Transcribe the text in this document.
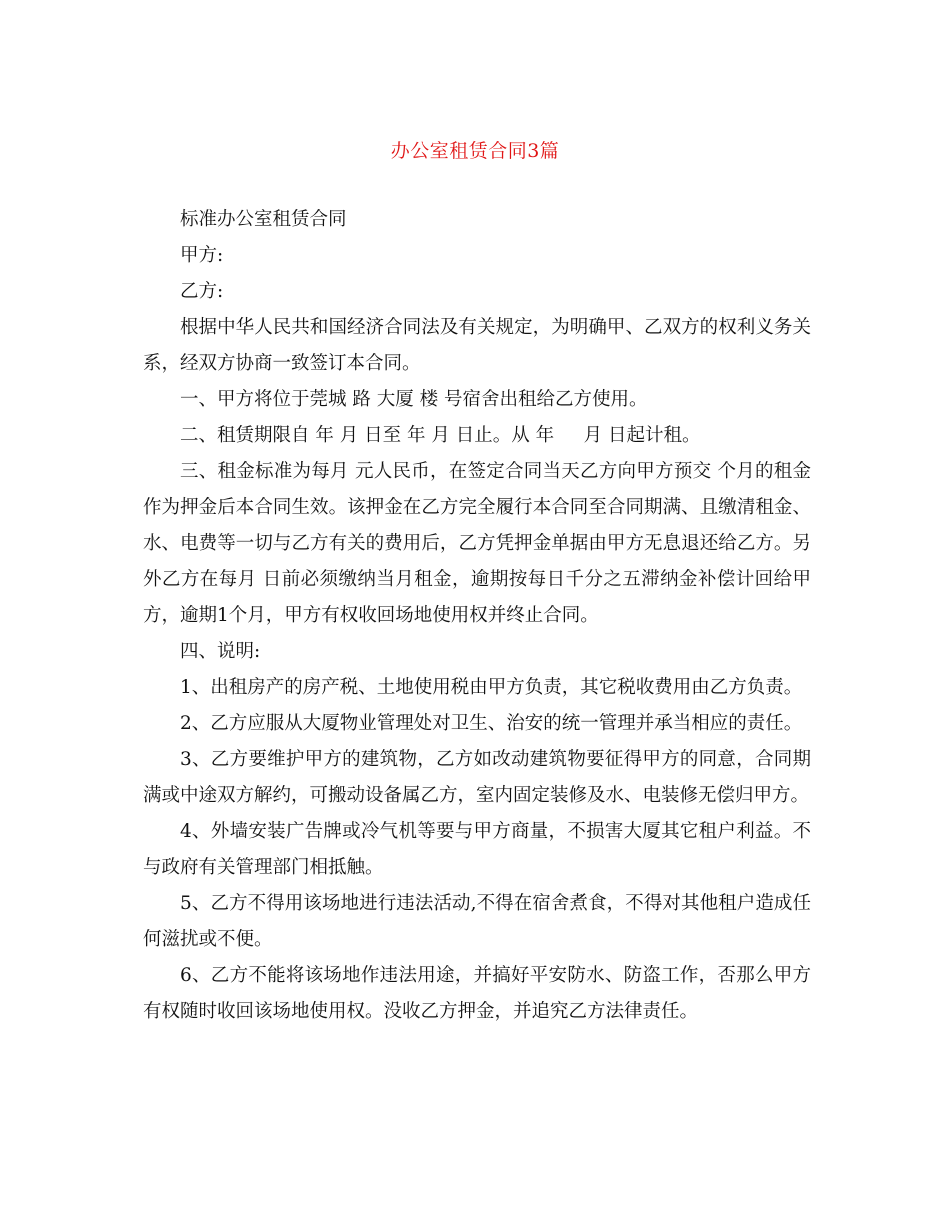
办公室租赁合同3篇

标准办公室租赁合同

甲方:

乙方:

根据中华人民共和国经济合同法及有关规定，为明确甲、乙双方的权利义务关系，经双方协商一致签订本合同。

一、甲方将位于莞城 路 大厦 楼 号宿舍出租给乙方使用。

二、租赁期限自 年 月 日至 年 月 日止。从 年     月 日起计租。

三、租金标准为每月 元人民币，在签定合同当天乙方向甲方预交 个月的租金作为押金后本合同生效。该押金在乙方完全履行本合同至合同期满、且缴清租金、水、电费等一切与乙方有关的费用后，乙方凭押金单据由甲方无息退还给乙方。另外乙方在每月 日前必须缴纳当月租金，逾期按每日千分之五滞纳金补偿计回给甲方，逾期1个月，甲方有权收回场地使用权并终止合同。

四、说明:

1、出租房产的房产税、土地使用税由甲方负责，其它税收费用由乙方负责。

2、乙方应服从大厦物业管理处对卫生、治安的统一管理并承当相应的责任。

3、乙方要维护甲方的建筑物，乙方如改动建筑物要征得甲方的同意，合同期满或中途双方解约，可搬动设备属乙方，室内固定装修及水、电装修无偿归甲方。

4、外墙安装广告牌或冷气机等要与甲方商量，不损害大厦其它租户利益。不与政府有关管理部门相抵触。

5、乙方不得用该场地进行违法活动,不得在宿舍煮食，不得对其他租户造成任何滋扰或不便。

6、乙方不能将该场地作违法用途，并搞好平安防水、防盗工作，否那么甲方有权随时收回该场地使用权。没收乙方押金，并追究乙方法律责任。
